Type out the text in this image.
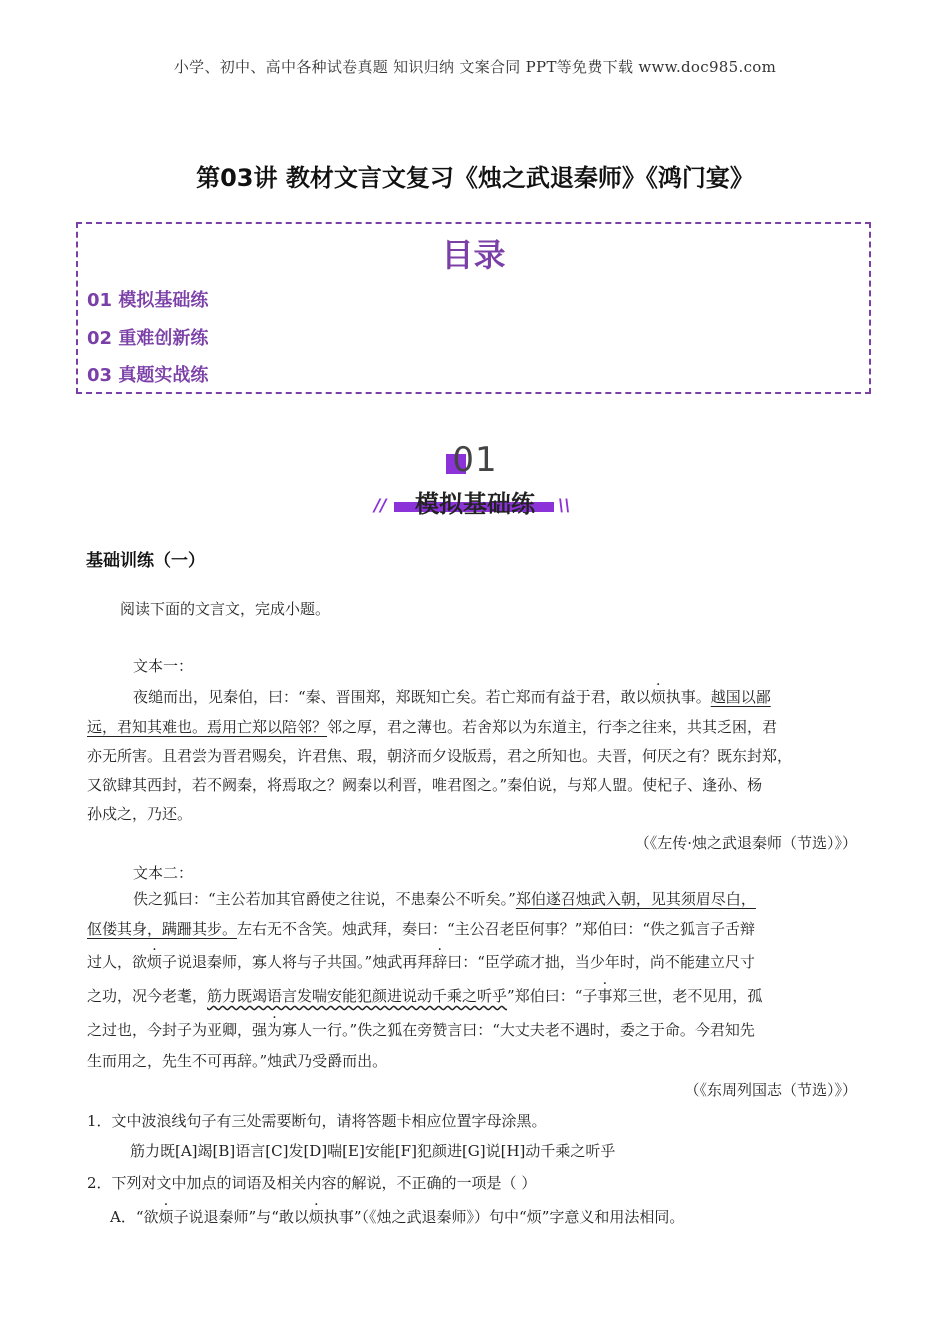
小学、初中、高中各种试卷真题 知识归纳 文案合同 PPT等免费下载 www.doc985.com
第03讲 教材文言文复习《烛之武退秦师》《鸿门宴》
目录
01 模拟基础练
02 重难创新练
03 真题实战练
01
模拟基础练
//	\\
基础训练（一）
阅读下面的文言文，完成小题。
文本一：
夜缒而出，见秦伯，曰：“秦、晋围郑，郑既知亡矣。若亡郑而有益于君，敢以烦执事。越国以鄙
远，君知其难也。焉用亡郑以陪邻？邻之厚，君之薄也。若舍郑以为东道主，行李之往来，共其乏困，君
亦无所害。且君尝为晋君赐矣，许君焦、瑕，朝济而夕设版焉，君之所知也。夫晋，何厌之有？既东封郑，
又欲肆其西封，若不阙秦，将焉取之？阙秦以利晋，唯君图之。”秦伯说，与郑人盟。使杞子、逢孙、杨
孙戍之，乃还。
（《左传·烛之武退秦师（节选）》）
文本二：
佚之狐曰：“主公若加其官爵使之往说，不患秦公不听矣。”郑伯遂召烛武入朝，见其须眉尽白，
伛偻其身，蹒跚其步。左右无不含笑。烛武拜，奏曰：“主公召老臣何事？”郑伯曰：“佚之狐言子舌辩
过人，欲烦子说退秦师，寡人将与子共国。”烛武再拜辞曰：“臣学疏才拙，当少年时，尚不能建立尺寸
之功，况今老耄，筋力既竭语言发喘安能犯颜进说动千乘之听乎”郑伯曰：“子事郑三世，老不见用，孤
之过也，今封子为亚卿，强为寡人一行。”佚之狐在旁赞言曰：“大丈夫老不遇时，委之于命。今君知先
生而用之，先生不可再辞。”烛武乃受爵而出。
（《东周列国志（节选）》）
1．文中波浪线句子有三处需要断句，请将答题卡相应位置字母涂黑。
筋力既[A]竭[B]语言[C]发[D]喘[E]安能[F]犯颜进[G]说[H]动千乘之听乎
2．下列对文中加点的词语及相关内容的解说，不正确的一项是（ ）
A．“欲烦子说退秦师”与“敢以烦执事”（《烛之武退秦师》）句中“烦”字意义和用法相同。
